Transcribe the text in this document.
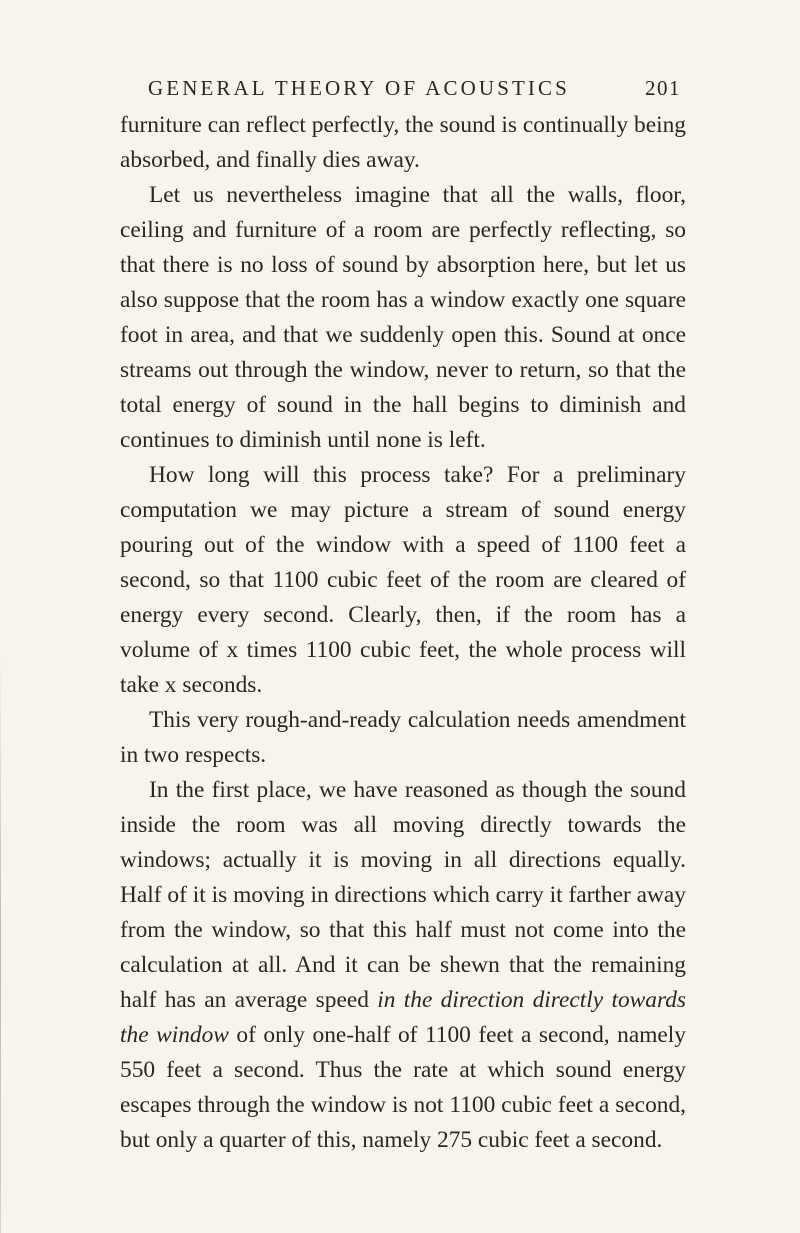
GENERAL THEORY OF ACOUSTICS	201

furniture can reflect perfectly, the sound is continually being absorbed, and finally dies away.

Let us nevertheless imagine that all the walls, floor, ceiling and furniture of a room are perfectly reflecting, so that there is no loss of sound by absorption here, but let us also suppose that the room has a window exactly one square foot in area, and that we suddenly open this. Sound at once streams out through the window, never to return, so that the total energy of sound in the hall begins to diminish and continues to diminish until none is left.

How long will this process take? For a preliminary computation we may picture a stream of sound energy pouring out of the window with a speed of 1100 feet a second, so that 1100 cubic feet of the room are cleared of energy every second. Clearly, then, if the room has a volume of x times 1100 cubic feet, the whole process will take x seconds.

This very rough-and-ready calculation needs amendment in two respects.

In the first place, we have reasoned as though the sound inside the room was all moving directly towards the windows; actually it is moving in all directions equally. Half of it is moving in directions which carry it farther away from the window, so that this half must not come into the calculation at all. And it can be shewn that the remaining half has an average speed in the direction directly towards the window of only one-half of 1100 feet a second, namely 550 feet a second. Thus the rate at which sound energy escapes through the window is not 1100 cubic feet a second, but only a quarter of this, namely 275 cubic feet a second.
